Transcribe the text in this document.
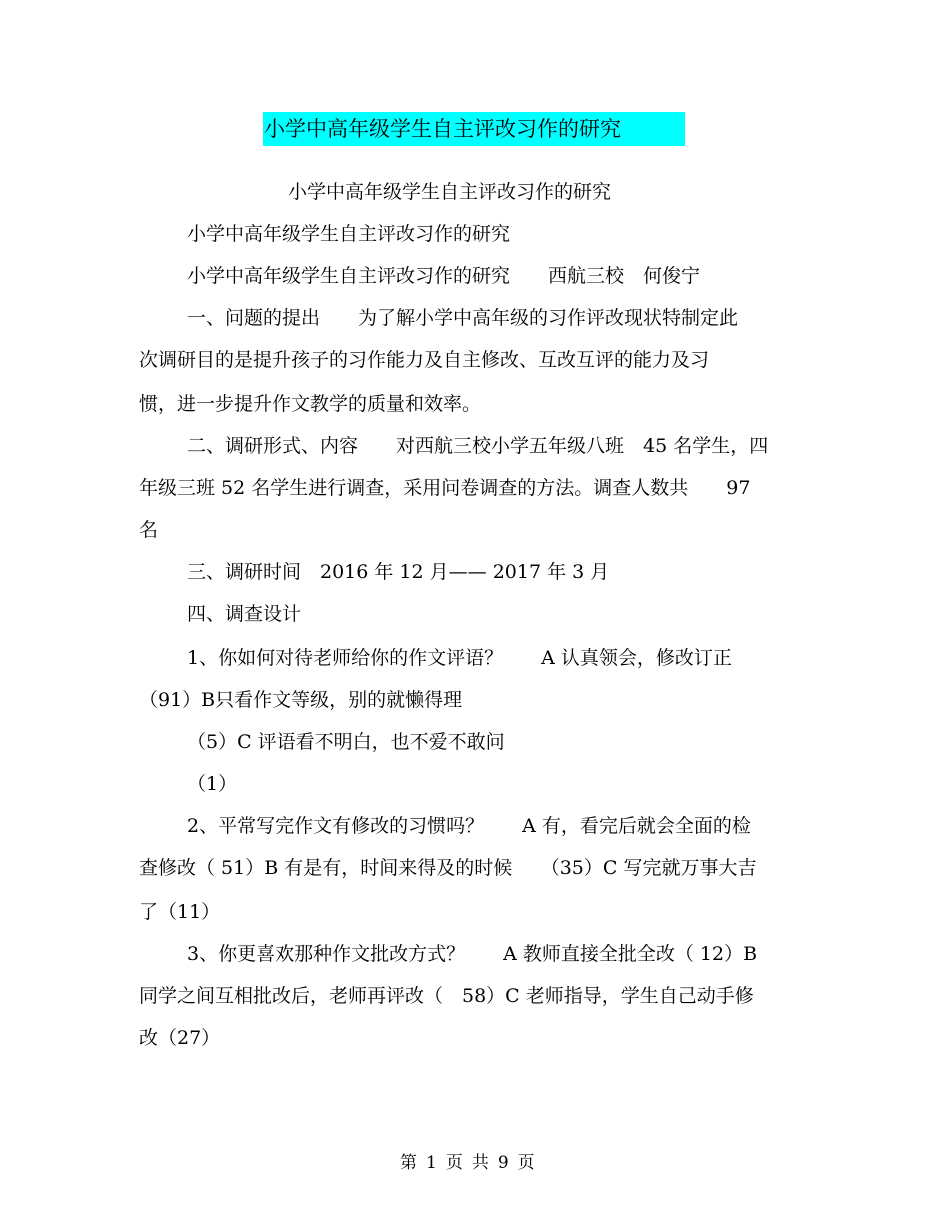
小学中高年级学生自主评改习作的研究
小学中高年级学生自主评改习作的研究
小学中高年级学生自主评改习作的研究
小学中高年级学生自主评改习作的研究　　西航三校　何俊宁
一、问题的提出　　为了解小学中高年级的习作评改现状特制定此
次调研目的是提升孩子的习作能力及自主修改、互改互评的能力及习
惯，进一步提升作文教学的质量和效率。
二、调研形式、内容　　对西航三校小学五年级八班　45 名学生，四
年级三班 52 名学生进行调查，采用问卷调查的方法。调查人数共　　97
名
三、调研时间　2016 年 12 月—— 2017 年 3 月
四、调查设计
1、你如何对待老师给你的作文评语？　　A 认真领会，修改订正
（91）B只看作文等级，别的就懒得理
（5）C 评语看不明白，也不爱不敢问
（1）
2、平常写完作文有修改的习惯吗？　　A 有，看完后就会全面的检
查修改（ 51）B 有是有，时间来得及的时候　　（35）C 写完就万事大吉
了（11）
3、你更喜欢那种作文批改方式？　　A 教师直接全批全改（ 12）B
同学之间互相批改后，老师再评改（　58）C 老师指导，学生自己动手修
改（27）
第 1 页 共 9 页
